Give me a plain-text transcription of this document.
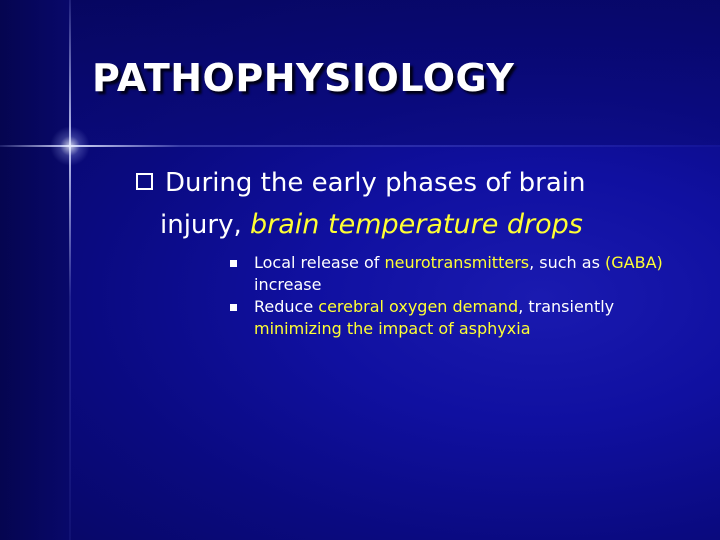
PATHOPHYSIOLOGY

During the early phases of brain
injury, brain temperature drops

Local release of neurotransmitters, such as (GABA) increase
Reduce cerebral oxygen demand, transiently minimizing the impact of asphyxia
